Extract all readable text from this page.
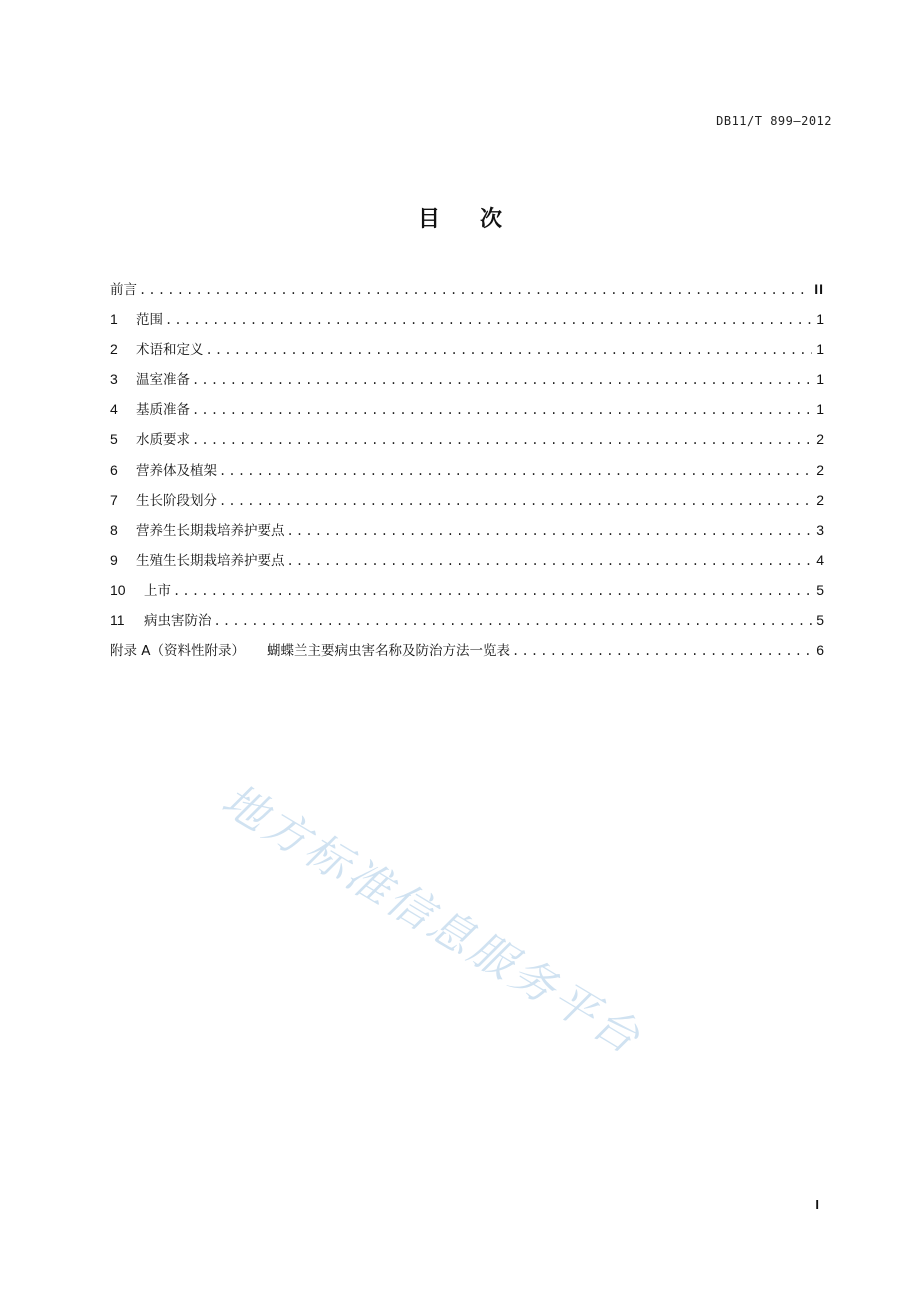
DB11/T 899—2012
目次
前言 .....	II
1	范围 .....	1
2	术语和定义 .....	1
3	温室准备 .....	1
4	基质准备 .....	1
5	水质要求 .....	2
6	营养体及植架 .....	2
7	生长阶段划分 .....	2
8	营养生长期栽培养护要点 .....	3
9	生殖生长期栽培养护要点 .....	4
10	上市 .....	5
11	病虫害防治 .....	5
附录 A（资料性附录） 蝴蝶兰主要病虫害名称及防治方法一览表 .....	6
地方标准信息服务平台
I
